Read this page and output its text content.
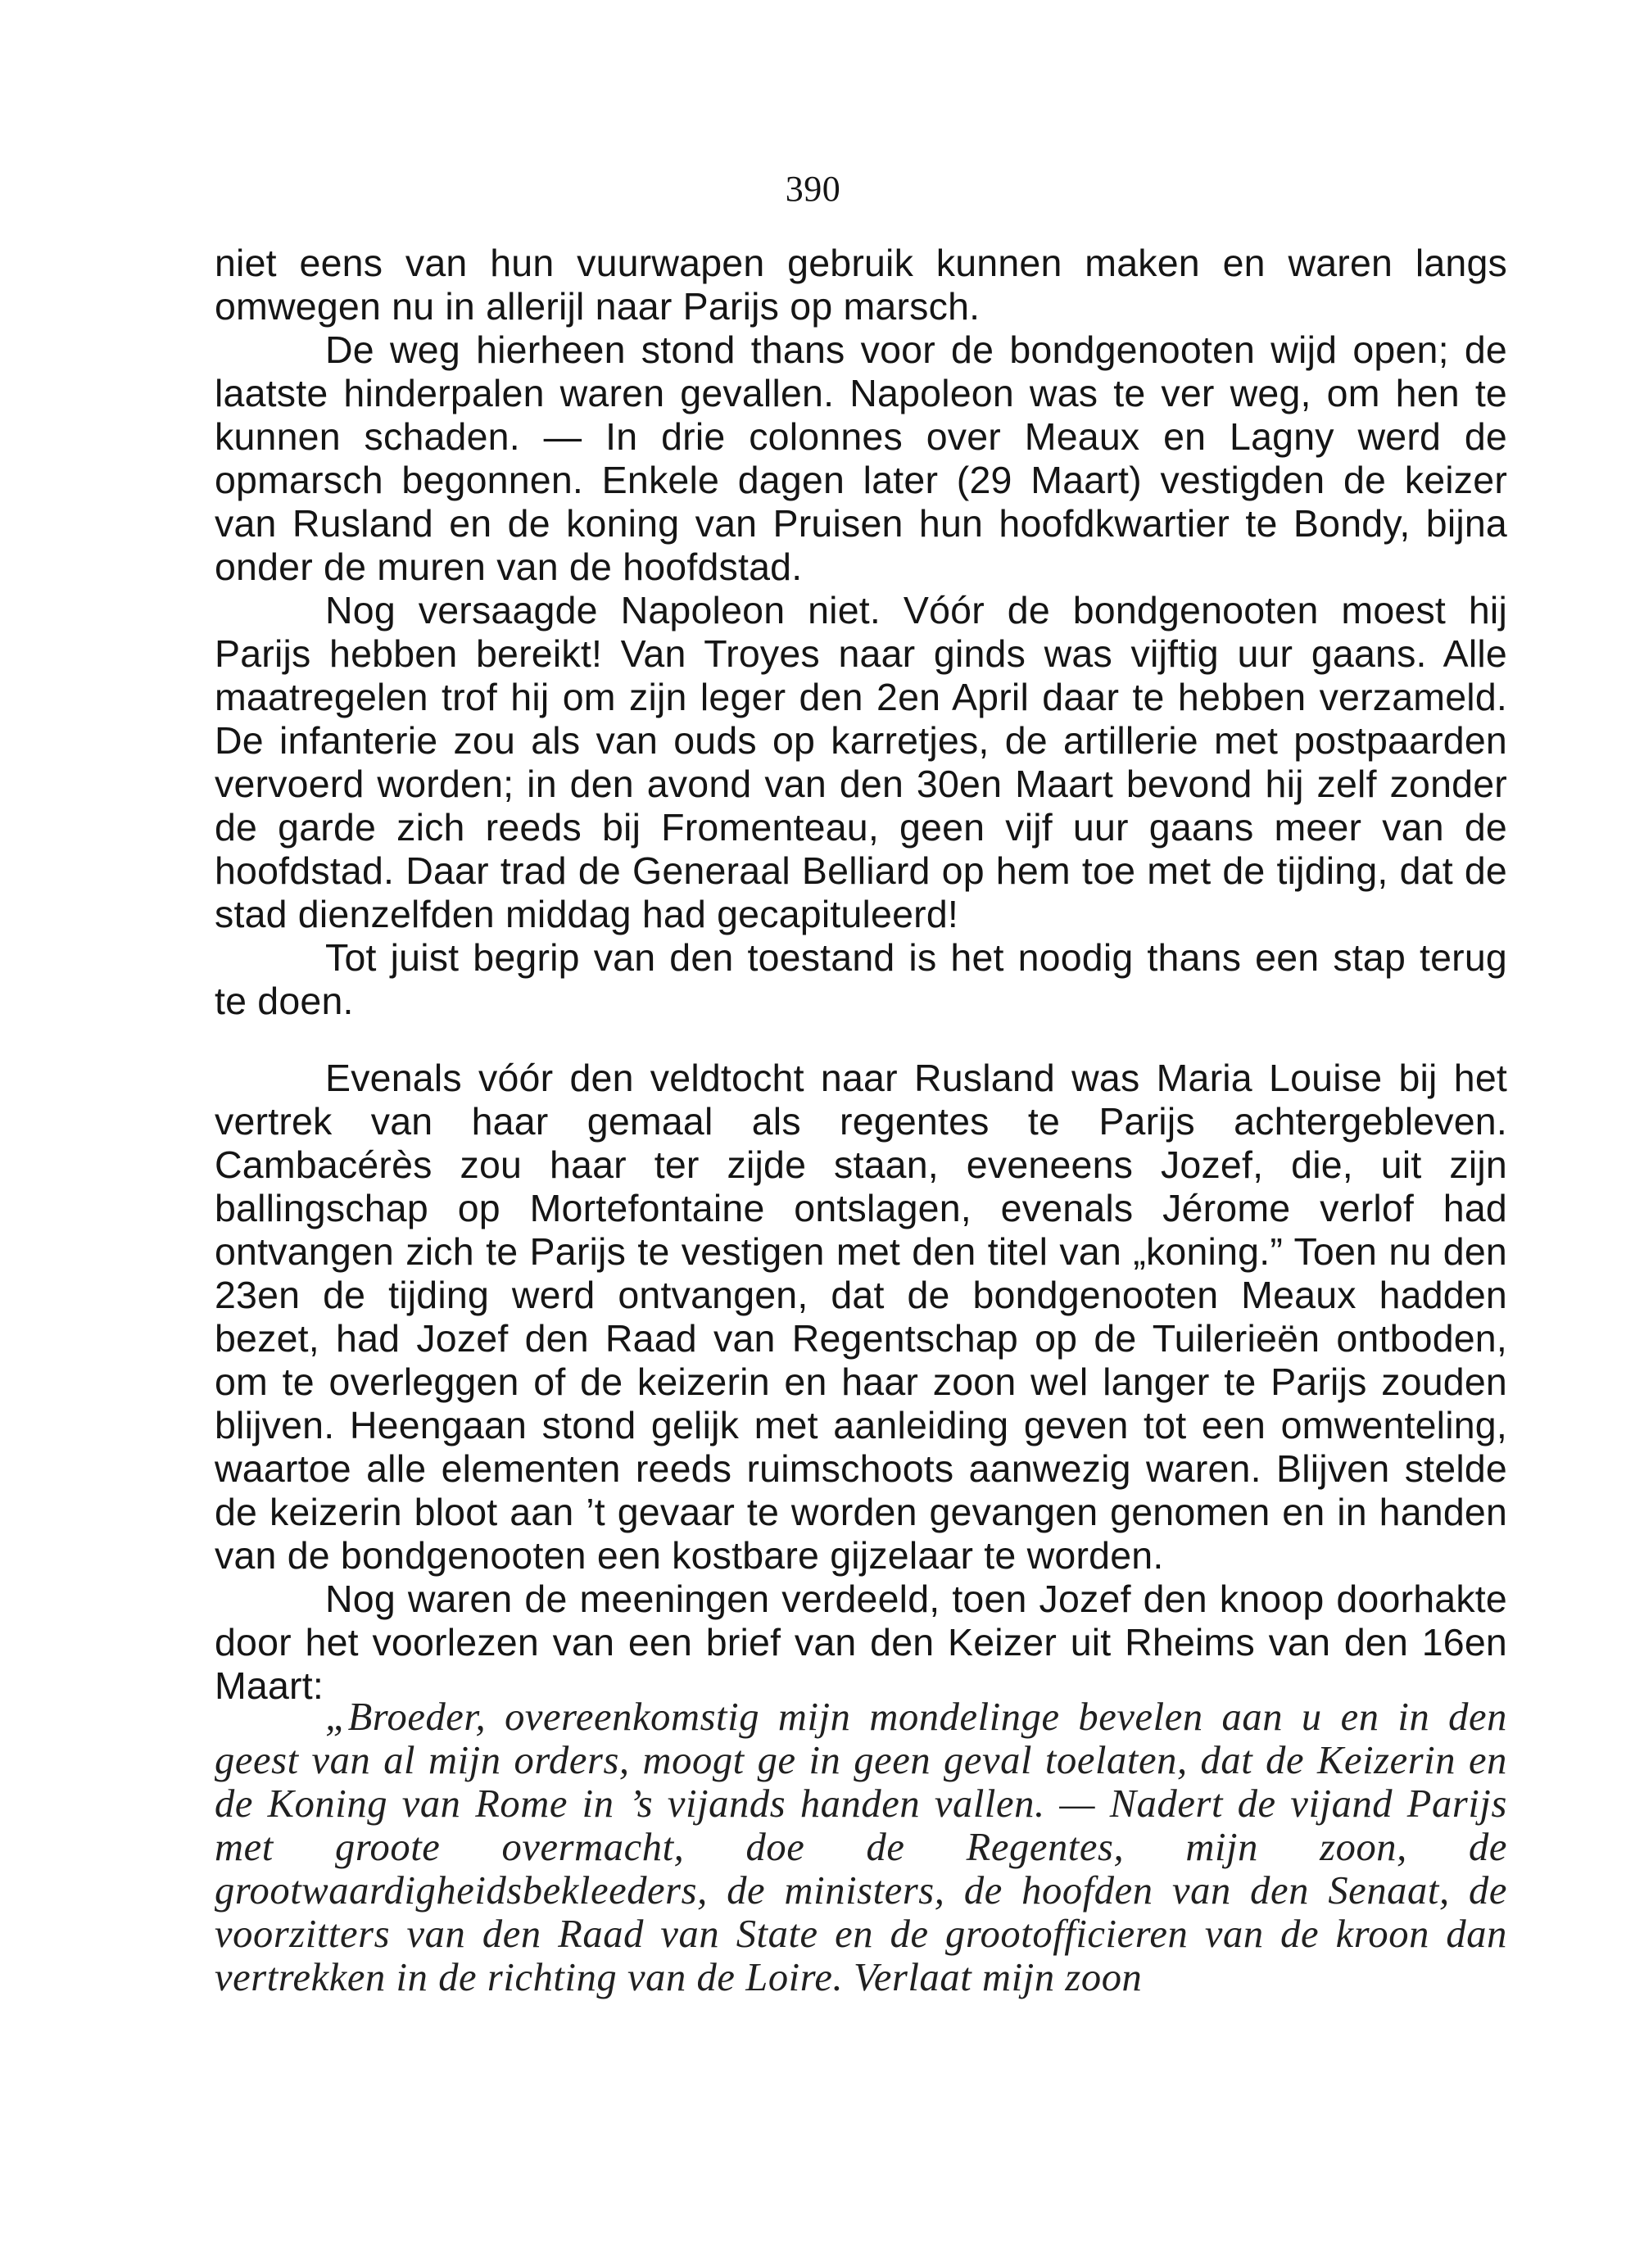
390

niet eens van hun vuurwapen gebruik kunnen maken en waren langs omwegen nu in allerijl naar Parijs op marsch.

De weg hierheen stond thans voor de bondgenooten wijd open; de laatste hinderpalen waren gevallen. Napoleon was te ver weg, om hen te kunnen schaden. — In drie colonnes over Meaux en Lagny werd de opmarsch begonnen. Enkele dagen later (29 Maart) vestigden de keizer van Rusland en de koning van Pruisen hun hoofdkwartier te Bondy, bijna onder de muren van de hoofdstad.

Nog versaagde Napoleon niet. Vóór de bondgenooten moest hij Parijs hebben bereikt! Van Troyes naar ginds was vijftig uur gaans. Alle maatregelen trof hij om zijn leger den 2en April daar te hebben verzameld. De infanterie zou als van ouds op karretjes, de artillerie met postpaarden vervoerd worden; in den avond van den 30en Maart bevond hij zelf zonder de garde zich reeds bij Fromenteau, geen vijf uur gaans meer van de hoofdstad. Daar trad de Generaal Belliard op hem toe met de tijding, dat de stad dienzelfden middag had gecapituleerd!

Tot juist begrip van den toestand is het noodig thans een stap terug te doen.

Evenals vóór den veldtocht naar Rusland was Maria Louise bij het vertrek van haar gemaal als regentes te Parijs achtergebleven. Cambacérès zou haar ter zijde staan, eveneens Jozef, die, uit zijn ballingschap op Mortefontaine ontslagen, evenals Jérome verlof had ontvangen zich te Parijs te vestigen met den titel van „koning.” Toen nu den 23en de tijding werd ontvangen, dat de bondgenooten Meaux hadden bezet, had Jozef den Raad van Regentschap op de Tuilerieën ontboden, om te overleggen of de keizerin en haar zoon wel langer te Parijs zouden blijven. Heengaan stond gelijk met aanleiding geven tot een omwenteling, waartoe alle elementen reeds ruimschoots aanwezig waren. Blijven stelde de keizerin bloot aan ’t gevaar te worden gevangen genomen en in handen van de bondgenooten een kostbare gijzelaar te worden.

Nog waren de meeningen verdeeld, toen Jozef den knoop doorhakte door het voorlezen van een brief van den Keizer uit Rheims van den 16en Maart:

„Broeder, overeenkomstig mijn mondelinge bevelen aan u en in den geest van al mijn orders, moogt ge in geen geval toelaten, dat de Keizerin en de Koning van Rome in ’s vijands handen vallen. — Nadert de vijand Parijs met groote overmacht, doe de Regentes, mijn zoon, de grootwaardigheidsbekleeders, de ministers, de hoofden van den Senaat, de voorzitters van den Raad van State en de grootofficieren van de kroon dan vertrekken in de richting van de Loire. Verlaat mijn zoon
